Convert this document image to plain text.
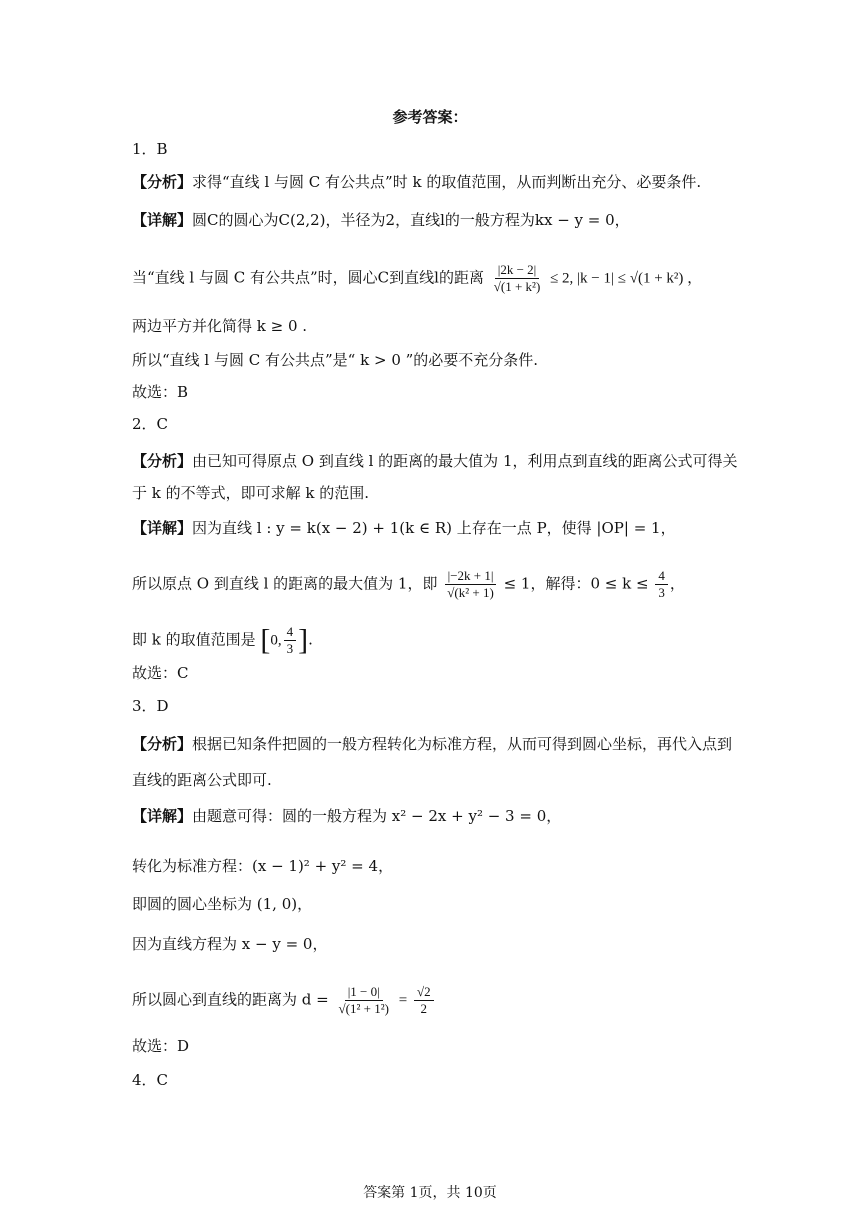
参考答案：
1．B
【分析】求得“直线 l 与圆 C 有公共点”时 k 的取值范围，从而判断出充分、必要条件.
【详解】圆C的圆心为C(2,2)，半径为2，直线l的一般方程为kx − y = 0，
当“直线 l 与圆 C 有公共点”时，圆心C到直线l的距离 $\frac{|2k - 2|}{\text{√(1 + k²)}} \le 2$, |k − 1| ≤ √(1 + k²) ，
两边平方并化简得 k ≥ 0 .
所以“直线 l 与圆 C 有公共点”是“ k > 0 ”的必要不充分条件.
故选：B
2．C
【分析】由已知可得原点 O 到直线 l 的距离的最大值为 1，利用点到直线的距离公式可得关
于 k 的不等式，即可求解 k 的范围.
【详解】因为直线 l : y = k(x − 2) + 1(k ∈ R) 上存在一点 P，使得 |OP| = 1，
所以原点 O 到直线 l 的距离的最大值为 1，即 $\frac{|-2k + 1|}{\text{√(k² + 1)}} \le 1$，解得：$0 \le k \le \frac{4}{3}$ ，
即 k 的取值范围是 [0, $\frac{4}{3}$ ].
故选：C
3．D
【分析】根据已知条件把圆的一般方程转化为标准方程，从而可得到圆心坐标，再代入点到
直线的距离公式即可.
【详解】由题意可得：圆的一般方程为 x² − 2x + y² − 3 = 0，
转化为标准方程：(x − 1)² + y² = 4，
即圆的圆心坐标为 (1, 0)，
因为直线方程为 x − y = 0，
所以圆心到直线的距离为 $d = \frac{|1 - 0|}{\text{√(1² + 1²)}} = \frac{√2}{2}$
故选：D
4．C
答案第 1页，共 10页
